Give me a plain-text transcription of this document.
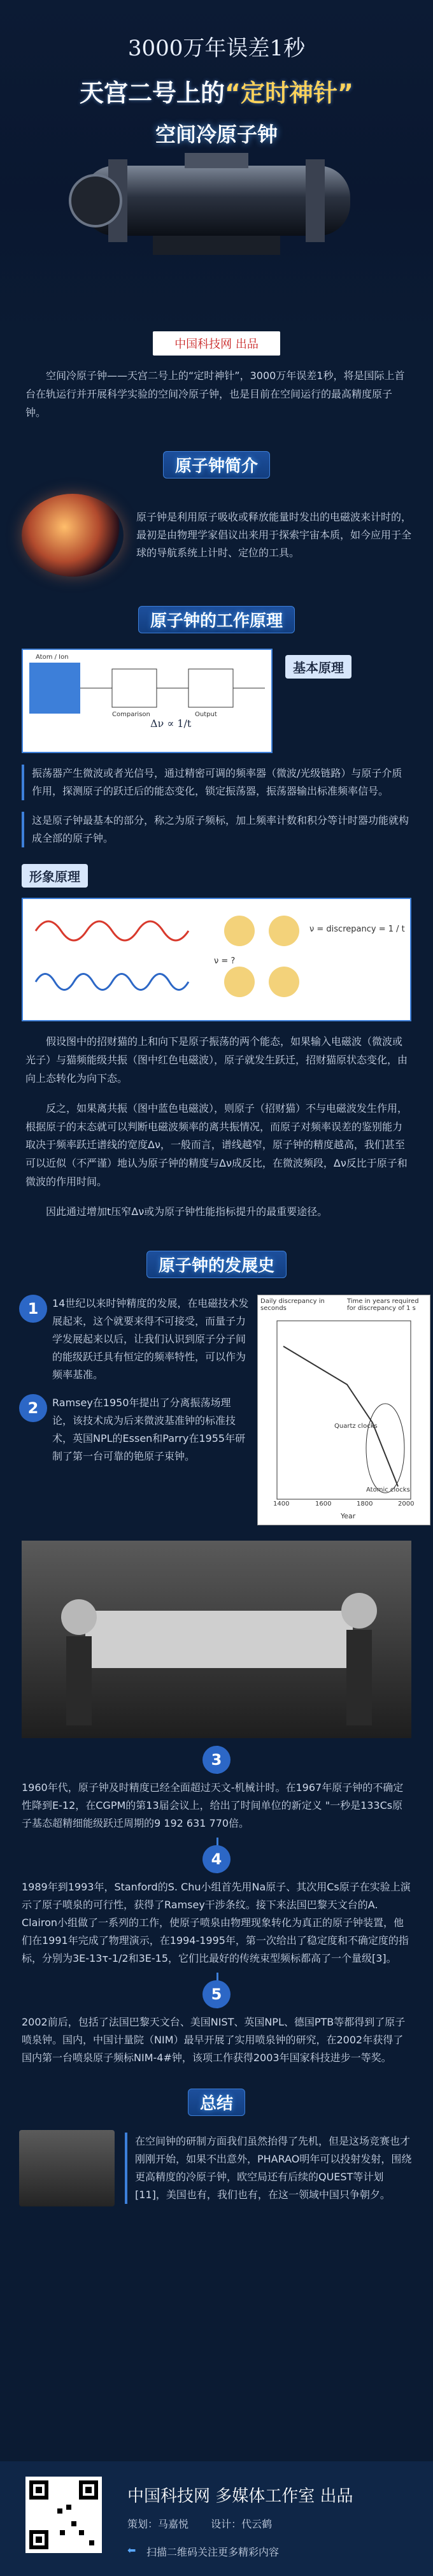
3000万年误差1秒
天宫二号上的“定时神针”
空间冷原子钟
中国科技网 出品
空间冷原子钟——天宫二号上的“定时神针”，3000万年误差1秒，将是国际上首台在轨运行并开展科学实验的空间冷原子钟，也是目前在空间运行的最高精度原子钟。
原子钟简介
原子钟是利用原子吸收或释放能量时发出的电磁波来计时的，最初是由物理学家倡议出来用于探索宇宙本质，如今应用于全球的导航系统上计时、定位的工具。
原子钟的工作原理
Atom / Ion
Comparison	Output
Δν ∝ 1/t
基本原理
振荡器产生微波或者光信号，通过精密可调的频率器（微波/光级链路）与原子介质作用，探测原子的跃迁后的能态变化，锁定振荡器，振荡器输出标准频率信号。
这是原子钟最基本的部分，称之为原子频标，加上频率计数和积分等计时器功能就构成全部的原子钟。
形象原理
ν = discrepancy = 1 / t
ν = ?
假设图中的招财猫的上和向下是原子振荡的两个能态，如果输入电磁波（微波或光子）与猫频能级共振（图中红色电磁波），原子就发生跃迁，招财猫原状态变化，由向上态转化为向下态。
反之，如果离共振（图中蓝色电磁波），则原子（招财猫）不与电磁波发生作用，根据原子的末态就可以判断电磁波频率的离共振情况，而原子对频率误差的鉴别能力取决于频率跃迁谱线的宽度Δν，一般而言，谱线越窄，原子钟的精度越高，我们甚至可以近似（不严谨）地认为原子钟的精度与Δν成反比，在微波频段，Δν反比于原子和微波的作用时间。
因此通过增加t压窄Δν或为原子钟性能指标提升的最重要途径。
原子钟的发展史
1	14世纪以来时钟精度的发展，在电磁技术发展起来，这个就要来得不可接受，而量子力学发展起来以后，让我们认识到原子分子间的能级跃迁具有恒定的频率特性，可以作为频率基准。
2	Ramsey在1950年提出了分离振荡场理论，该技术成为后来微波基准钟的标准技术，英国NPL的Essen和Parry在1955年研制了第一台可靠的铯原子束钟。
Daily discrepancy in seconds
Time in years required for discrepancy of 1 s
Year
Quartz clocks
Atomic clocks
1400	1600	1800	2000
3
1960年代，原子钟及时精度已经全面超过天文-机械计时。在1967年原子钟的不确定性降到E-12，在CGPM的第13届会议上，给出了时间单位的新定义 "一秒是133Cs原子基态超精细能级跃迁周期的9 192 631 770倍。
4
1989年到1993年，Stanford的S. Chu小组首先用Na原子、其次用Cs原子在实验上演示了原子喷泉的可行性，获得了Ramsey干涉条纹。接下来法国巴黎天文台的A. Clairon小组做了一系列的工作，使原子喷泉由物理现象转化为真正的原子钟装置，他们在1991年完成了物理演示，在1994-1995年，第一次给出了稳定度和不确定度的指标，分别为3E-13τ-1/2和3E-15，它们比最好的传统束型频标都高了一个量级[3]。
5
2002前后，包括了法国巴黎天文台、美国NIST、英国NPL、德国PTB等都得到了原子喷泉钟。国内，中国计量院（NIM）最早开展了实用喷泉钟的研究，在2002年获得了国内第一台喷泉原子频标NIM-4#钟，该项工作获得2003年国家科技进步一等奖。
总结
在空间钟的研制方面我们虽然抬得了先机，但是这场竞赛也才刚刚开始，如果不出意外，PHARAO明年可以投射发射，围绕更高精度的冷原子钟，欧空局还有后续的QUEST等计划[11]，美国也有，我们也有，在这一领域中国只争朝夕。
中国科技网 多媒体工作室 出品
策划：马嘉悦 设计：代云鹤
⬅ 扫描二维码关注更多精彩内容
